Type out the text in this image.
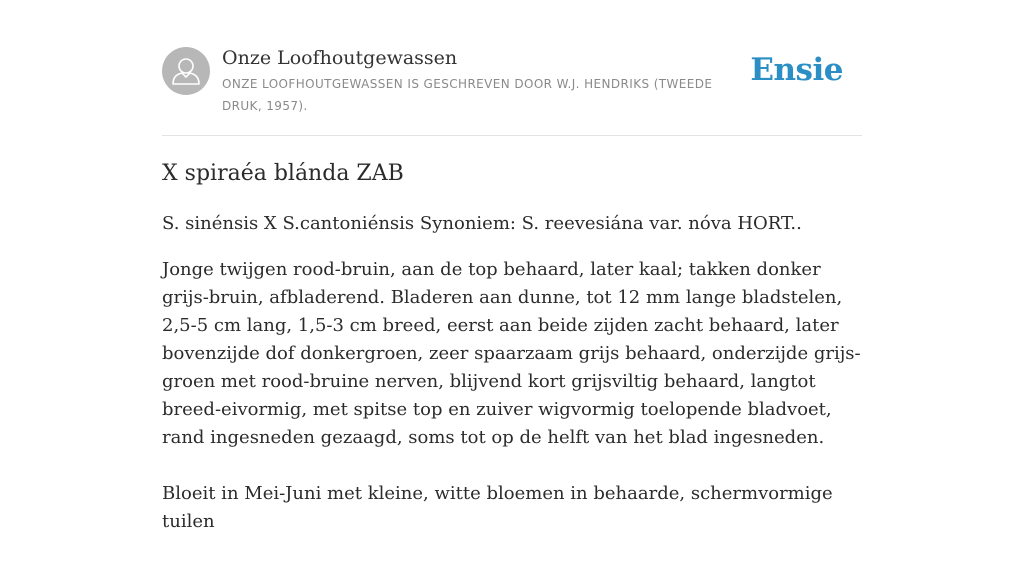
Onze Loofhoutgewassen
ONZE LOOFHOUTGEWASSEN IS GESCHREVEN DOOR W.J. HENDRIKS (TWEEDE DRUK, 1957).
Ensie
X spiraéa blánda ZAB
S. sinénsis X S.cantoniénsis Synoniem: S. reevesiána var. nóva HORT..

Jonge twijgen rood-bruin, aan de top behaard, later kaal; takken donker grijs-bruin, afbladerend. Bladeren aan dunne, tot 12 mm lange bladstelen, 2,5-5 cm lang, 1,5-3 cm breed, eerst aan beide zijden zacht behaard, later bovenzijde dof donkergroen, zeer spaarzaam grijs behaard, onderzijde grijs-groen met rood-bruine nerven, blijvend kort grijsviltig behaard, langtot breed-eivormig, met spitse top en zuiver wigvormig toelopende bladvoet, rand ingesneden gezaagd, soms tot op de helft van het blad ingesneden.

Bloeit in Mei-Juni met kleine, witte bloemen in behaarde, schermvormige tuilen
